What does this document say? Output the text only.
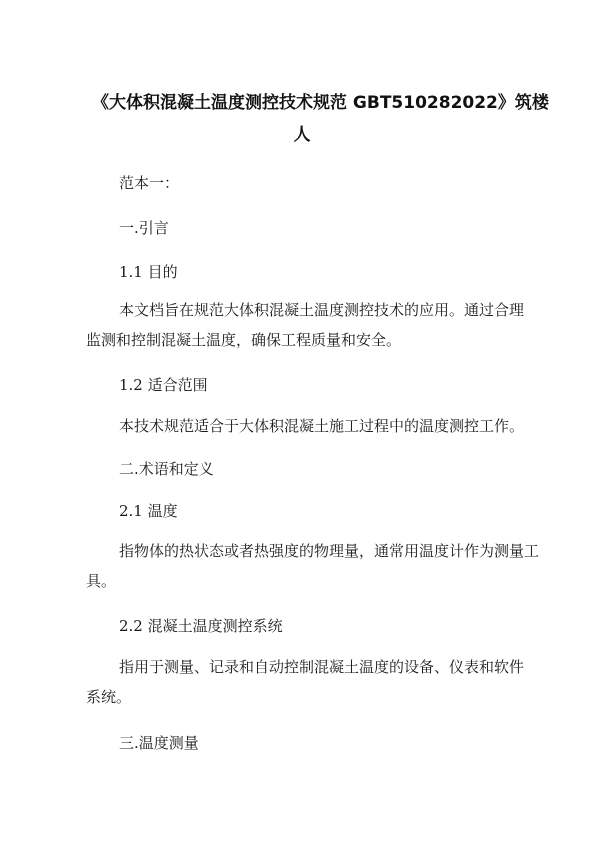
《大体积混凝土温度测控技术规范 GBT510282022》筑楼
人

范本一：

一.引言

1.1 目的

本文档旨在规范大体积混凝土温度测控技术的应用。通过合理

监测和控制混凝土温度，确保工程质量和安全。

1.2 适合范围

本技术规范适合于大体积混凝土施工过程中的温度测控工作。

二.术语和定义

2.1 温度

指物体的热状态或者热强度的物理量，通常用温度计作为测量工

具。

2.2 混凝土温度测控系统

指用于测量、记录和自动控制混凝土温度的设备、仪表和软件

系统。

三.温度测量
